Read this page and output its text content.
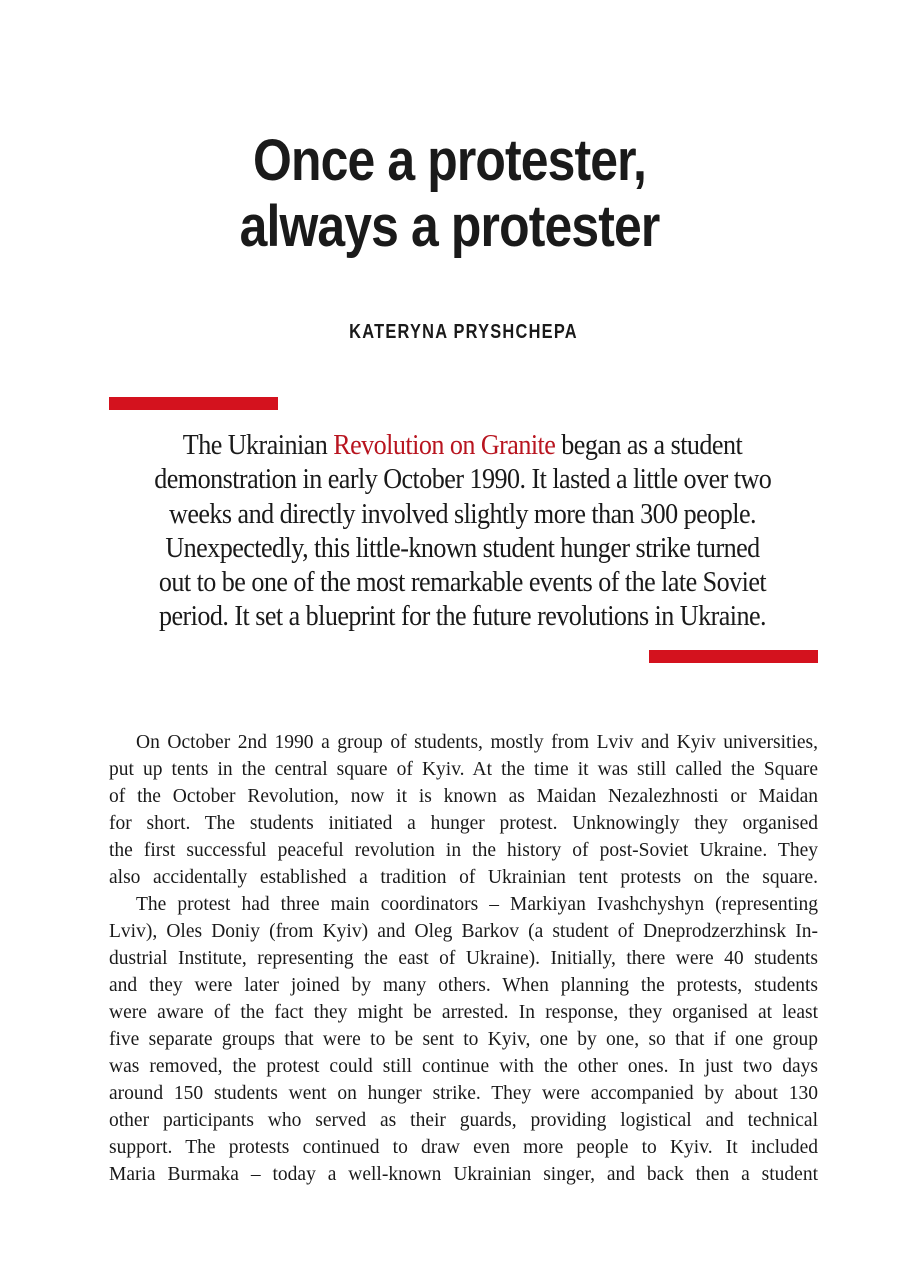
Once a protester,
always a protester
KATERYNA PRYSHCHEPA
The Ukrainian Revolution on Granite began as a student
demonstration in early October 1990. It lasted a little over two
weeks and directly involved slightly more than 300 people.
Unexpectedly, this little-known student hunger strike turned
out to be one of the most remarkable events of the late Soviet
period. It set a blueprint for the future revolutions in Ukraine.
On October 2nd 1990 a group of students, mostly from Lviv and Kyiv universities,
put up tents in the central square of Kyiv. At the time it was still called the Square
of the October Revolution, now it is known as Maidan Nezalezhnosti or Maidan
for short. The students initiated a hunger protest. Unknowingly they organised
the first successful peaceful revolution in the history of post-Soviet Ukraine. They
also accidentally established a tradition of Ukrainian tent protests on the square.
The protest had three main coordinators – Markiyan Ivashchyshyn (representing
Lviv), Oles Doniy (from Kyiv) and Oleg Barkov (a student of Dneprodzerzhinsk In-
dustrial Institute, representing the east of Ukraine). Initially, there were 40 students
and they were later joined by many others. When planning the protests, students
were aware of the fact they might be arrested. In response, they organised at least
five separate groups that were to be sent to Kyiv, one by one, so that if one group
was removed, the protest could still continue with the other ones. In just two days
around 150 students went on hunger strike. They were accompanied by about 130
other participants who served as their guards, providing logistical and technical
support. The protests continued to draw even more people to Kyiv. It included
Maria Burmaka – today a well-known Ukrainian singer, and back then a student
